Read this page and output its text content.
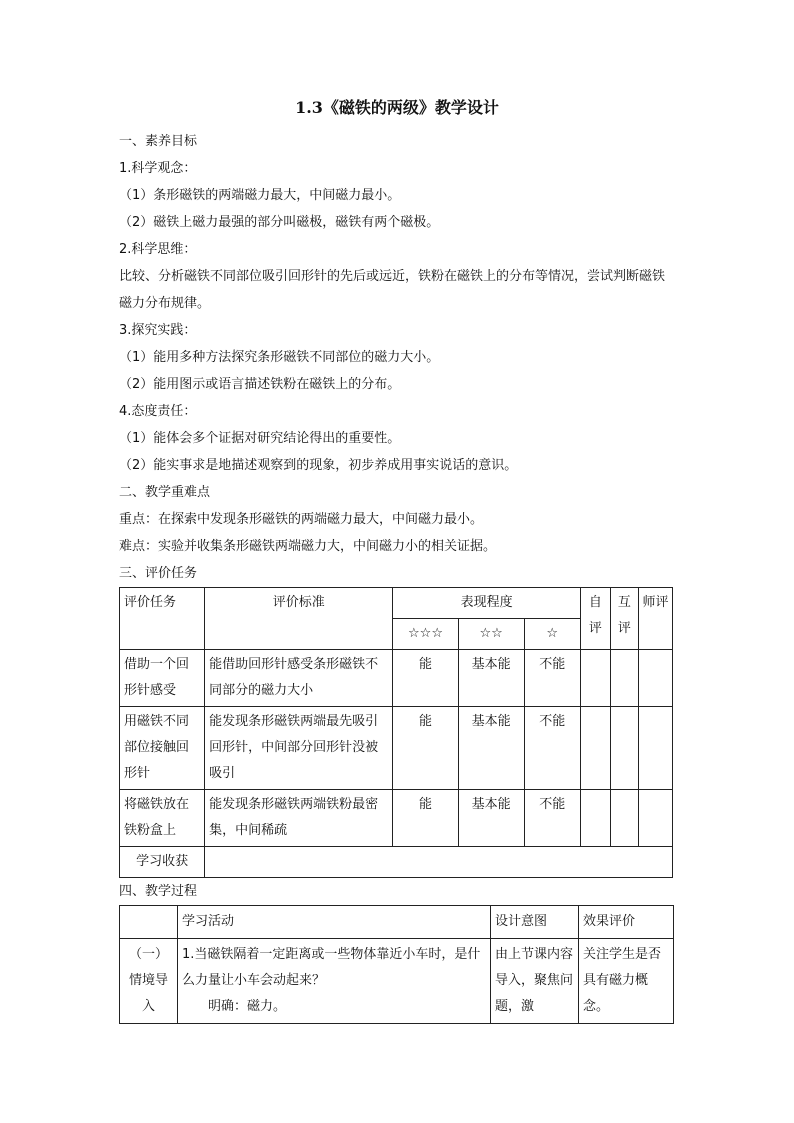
1.3《磁铁的两级》教学设计
一、素养目标
1.科学观念：
（1）条形磁铁的两端磁力最大，中间磁力最小。
（2）磁铁上磁力最强的部分叫磁极，磁铁有两个磁极。
2.科学思维：
比较、分析磁铁不同部位吸引回形针的先后或远近，铁粉在磁铁上的分布等情况，尝试判断磁铁磁力分布规律。
3.探究实践：
（1）能用多种方法探究条形磁铁不同部位的磁力大小。
（2）能用图示或语言描述铁粉在磁铁上的分布。
4.态度责任：
（1）能体会多个证据对研究结论得出的重要性。
（2）能实事求是地描述观察到的现象，初步养成用事实说话的意识。
二、教学重难点
重点：在探索中发现条形磁铁的两端磁力最大，中间磁力最小。
难点：实验并收集条形磁铁两端磁力大，中间磁力小的相关证据。
三、评价任务
评价任务	评价标准	表现程度			自评	互评	师评
		☆☆☆	☆☆	☆			
借助一个回形针感受	能借助回形针感受条形磁铁不同部分的磁力大小	能	基本能	不能			
用磁铁不同部位接触回形针	能发现条形磁铁两端最先吸引回形针，中间部分回形针没被吸引	能	基本能	不能			
将磁铁放在铁粉盒上	能发现条形磁铁两端铁粉最密集，中间稀疏	能	基本能	不能			
学习收获							
四、教学过程
	学习活动	设计意图	效果评价
（一）情境导入	1.当磁铁隔着一定距离或一些物体靠近小车时，是什么力量让小车会动起来？
明确：磁力。	由上节课内容导入，聚焦问题，激	关注学生是否具有磁力概念。
